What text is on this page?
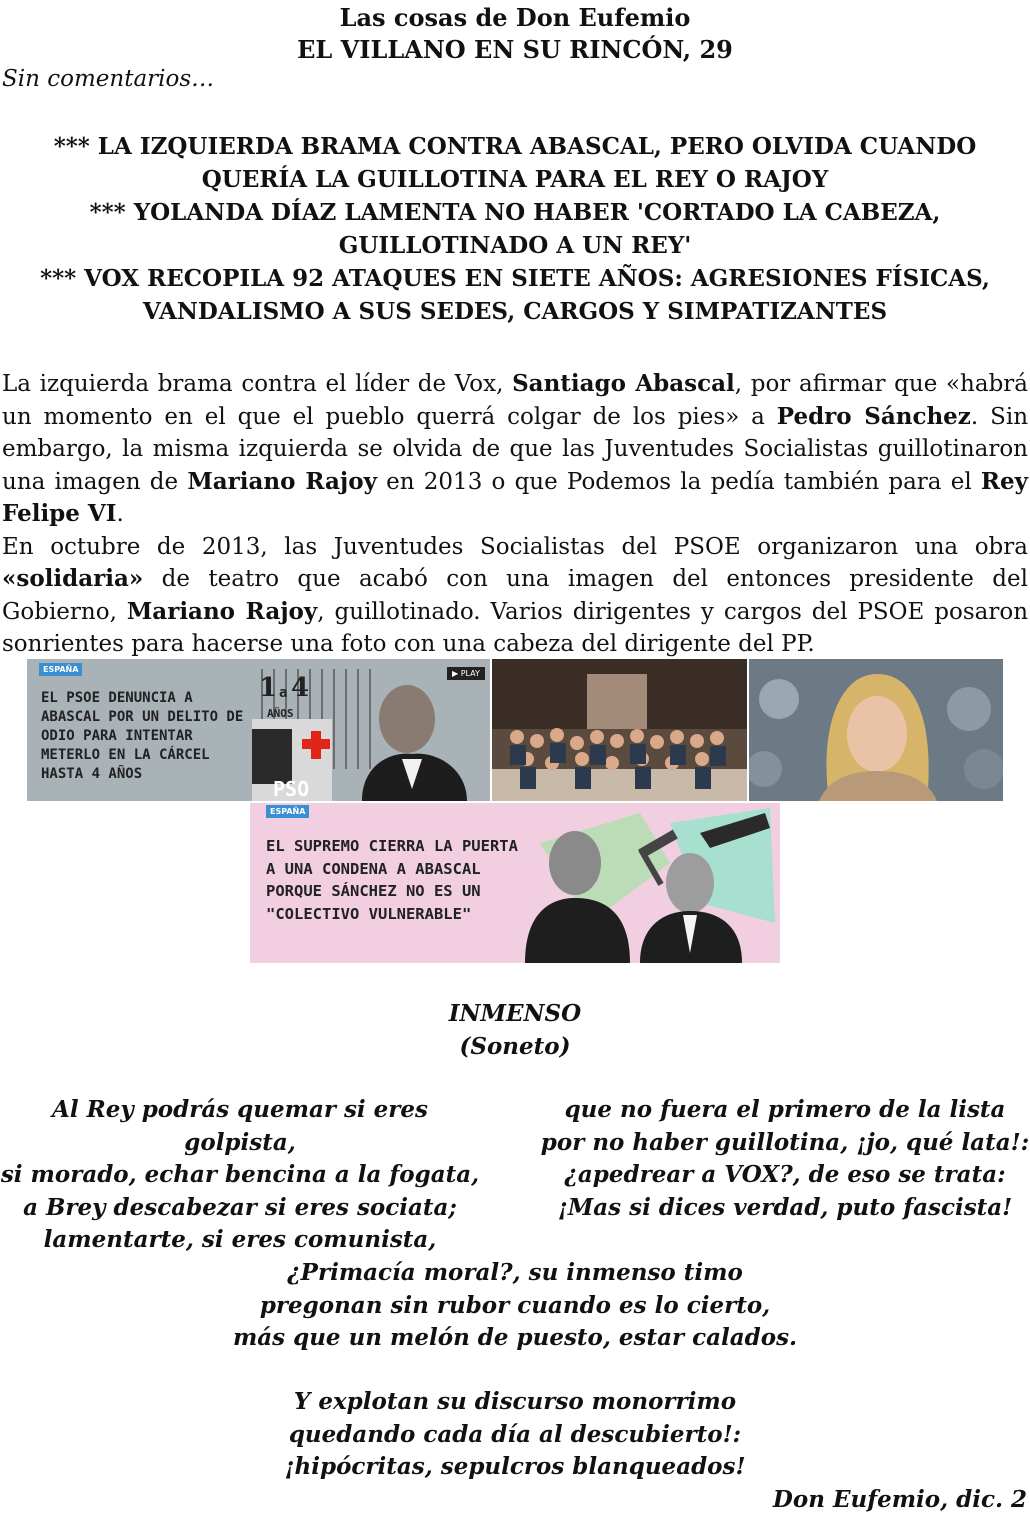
Las cosas de Don Eufemio
EL VILLANO EN SU RINCÓN, 29
Sin comentarios…
*** LA IZQUIERDA BRAMA CONTRA ABASCAL, PERO OLVIDA CUANDO QUERÍA LA GUILLOTINA PARA EL REY O RAJOY
*** YOLANDA DÍAZ LAMENTA NO HABER 'CORTADO LA CABEZA, GUILLOTINADO A UN REY'
*** VOX RECOPILA 92 ATAQUES EN SIETE AÑOS: AGRESIONES FÍSICAS, VANDALISMO A SUS SEDES, CARGOS Y SIMPATIZANTES

La izquierda brama contra el líder de Vox, Santiago Abascal, por afirmar que «habrá un momento en el que el pueblo querrá colgar de los pies» a Pedro Sánchez. Sin embargo, la misma izquierda se olvida de que las Juventudes Socialistas guillotinaron una imagen de Mariano Rajoy en 2013 o que Podemos la pedía también para el Rey Felipe VI.

En octubre de 2013, las Juventudes Socialistas del PSOE organizaron una obra «solidaria» de teatro que acabó con una imagen del entonces presidente del Gobierno, Mariano Rajoy, guillotinado. Varios dirigentes y cargos del PSOE posaron sonrientes para hacerse una foto con una cabeza del dirigente del PP.

ESPAÑA
EL PSOE DENUNCIA A ABASCAL POR UN DELITO DE ODIO PARA INTENTAR METERLO EN LA CÁRCEL HASTA 4 AÑOS
1 a 4
AÑOS
PSO
▶ PLAY
ESPAÑA
EL SUPREMO CIERRA LA PUERTA A UNA CONDENA A ABASCAL PORQUE SÁNCHEZ NO ES UN "COLECTIVO VULNERABLE"
INMENSO
(Soneto)
Al Rey podrás quemar si eres golpista,
si morado, echar bencina a la fogata,
a Brey descabezar si eres sociata;
lamentarte, si eres comunista,
que no fuera el primero de la lista
por no haber guillotina, ¡jo, qué lata!:
¿apedrear a VOX?, de eso se trata:
¡Mas si dices verdad, puto fascista!
¿Primacía moral?, su inmenso timo
pregonan sin rubor cuando es lo cierto,
más que un melón de puesto, estar calados.
Y explotan su discurso monorrimo
quedando cada día al descubierto!:
¡hipócritas, sepulcros blanqueados!
Don Eufemio, dic. 2
